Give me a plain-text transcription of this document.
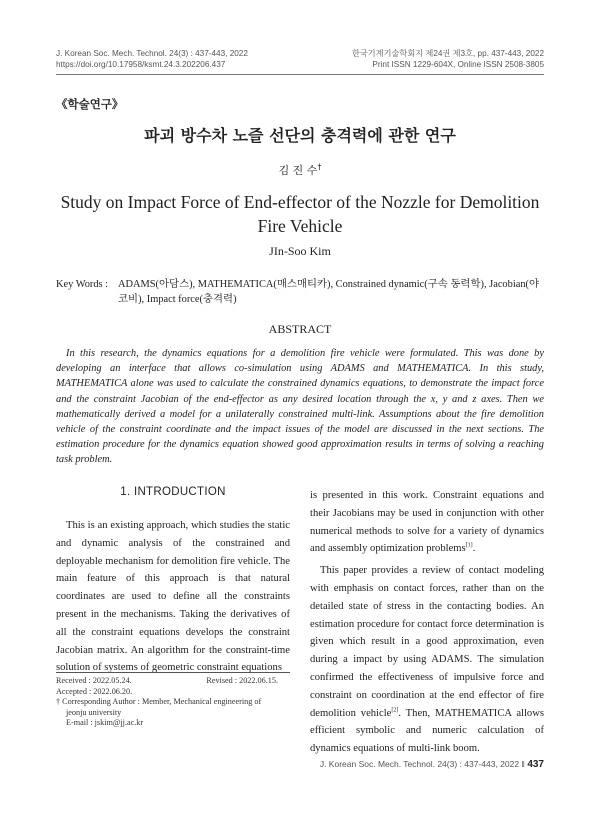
J. Korean Soc. Mech. Technol. 24(3) : 437-443, 2022
https://doi.org/10.17958/ksmt.24.3.202206.437
한국기계기술학회지 제24권 제3호, pp. 437-443, 2022
Print ISSN 1229-604X, Online ISSN 2508-3805
《학술연구》
파괴 방수차 노즐 선단의 충격력에 관한 연구
김 진 수†
Study on Impact Force of End-effector of the Nozzle for Demolition Fire Vehicle
JIn-Soo Kim
Key Words : ADAMS(아담스), MATHEMATICA(매스매티카), Constrained dynamic(구속 동력학), Jacobian(야코비), Impact force(충격력)
ABSTRACT
In this research, the dynamics equations for a demolition fire vehicle were formulated. This was done by developing an interface that allows co-simulation using ADAMS and MATHEMATICA. In this study, MATHEMATICA alone was used to calculate the constrained dynamics equations, to demonstrate the impact force and the constraint Jacobian of the end-effector as any desired location through the x, y and z axes. Then we mathematically derived a model for a unilaterally constrained multi-link. Assumptions about the fire demolition vehicle of the constraint coordinate and the impact issues of the model are discussed in the next sections. The estimation procedure for the dynamics equation showed good approximation results in terms of solving a reaching task problem.
1. INTRODUCTION

This is an existing approach, which studies the static and dynamic analysis of the constrained and deployable mechanism for demolition fire vehicle. The main feature of this approach is that natural coordinates are used to define all the constraints present in the mechanisms. Taking the derivatives of all the constraint equations develops the constraint Jacobian matrix. An algorithm for the constraint-time solution of systems of geometric constraint equations

is presented in this work. Constraint equations and their Jacobians may be used in conjunction with other numerical methods to solve for a variety of dynamics and assembly optimization problems[1].

This paper provides a review of contact modeling with emphasis on contact forces, rather than on the detailed state of stress in the contacting bodies. An estimation procedure for contact force determination is given which result in a good approximation, even during a impact by using ADAMS. The simulation confirmed the effectiveness of impulsive force and constraint on coordination at the end effector of fire demolition vehicle[2]. Then, MATHEMATICA allows efficient symbolic and numeric calculation of dynamics equations of multi-link boom.

Received : 2022.05.24.	Revised : 2022.06.15.
Accepted : 2022.06.20.
† Corresponding Author : Member, Mechanical engineering of
jeonju university
E-mail : jskim@jj.ac.kr
J. Korean Soc. Mech. Technol. 24(3) : 437-443, 2022 ‖ 437
